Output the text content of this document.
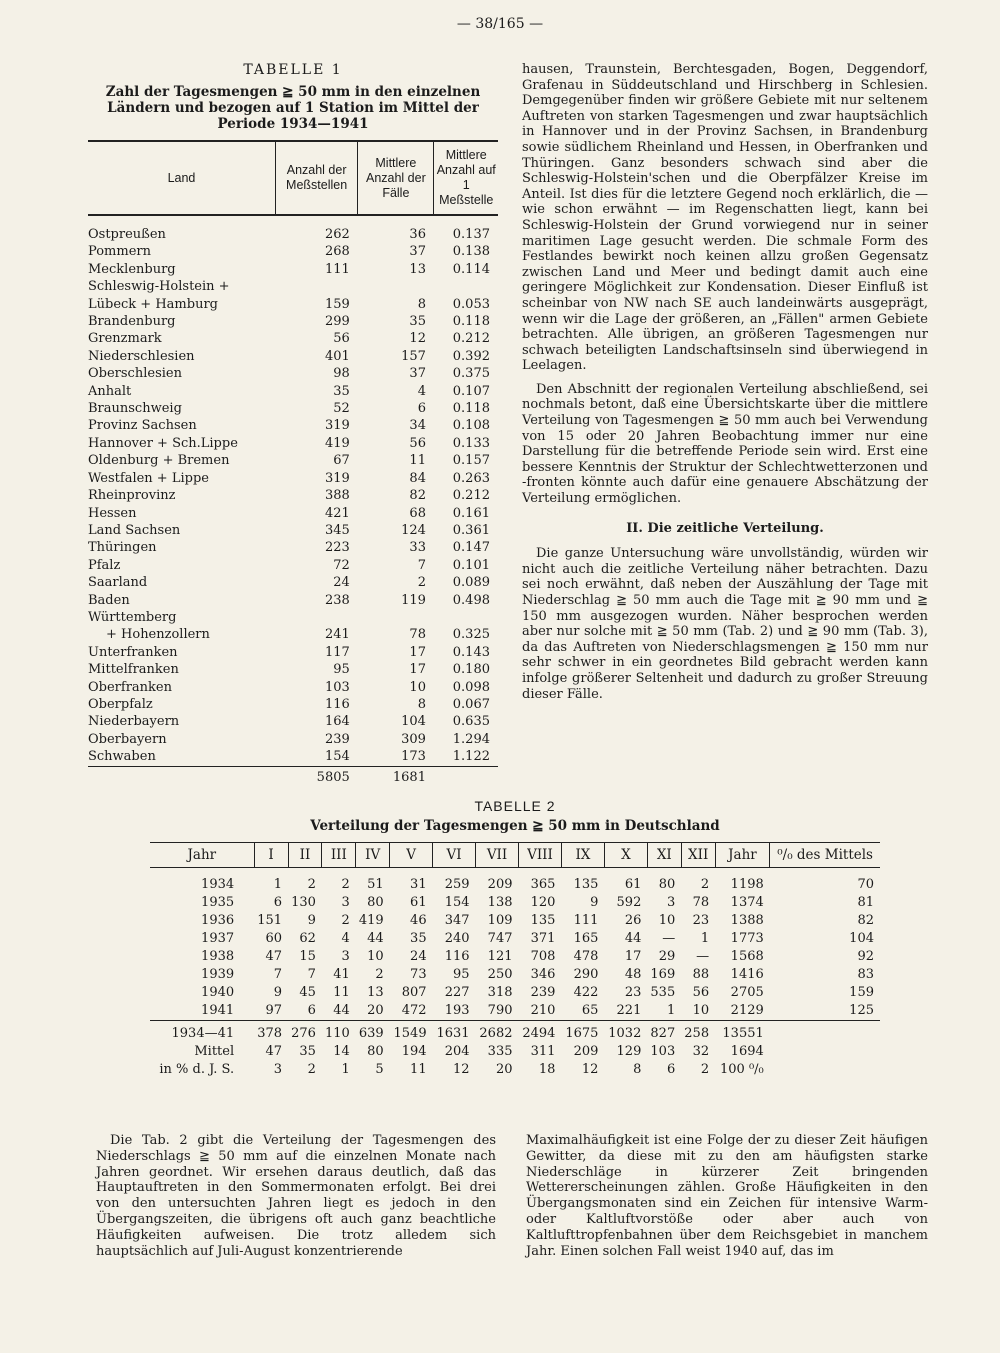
— 38/165 —
TABELLE 1
Zahl der Tagesmengen ≧ 50 mm in den einzelnen Ländern und bezogen auf 1 Station im Mittel der Periode 1934—1941
Land	Anzahl der Meßstellen	Mittlere Anzahl der Fälle	Mittlere Anzahl auf 1 Meßstelle
Ostpreußen	262	36	0.137
Pommern	268	37	0.138
Mecklenburg	111	13	0.114
Schleswig-Holstein +			
Lübeck + Hamburg	159	8	0.053
Brandenburg	299	35	0.118
Grenzmark	56	12	0.212
Niederschlesien	401	157	0.392
Oberschlesien	98	37	0.375
Anhalt	35	4	0.107
Braunschweig	52	6	0.118
Provinz Sachsen	319	34	0.108
Hannover + Sch.Lippe	419	56	0.133
Oldenburg + Bremen	67	11	0.157
Westfalen + Lippe	319	84	0.263
Rheinprovinz	388	82	0.212
Hessen	421	68	0.161
Land Sachsen	345	124	0.361
Thüringen	223	33	0.147
Pfalz	72	7	0.101
Saarland	24	2	0.089
Baden	238	119	0.498
Württemberg			
+ Hohenzollern	241	78	0.325
Unterfranken	117	17	0.143
Mittelfranken	95	17	0.180
Oberfranken	103	10	0.098
Oberpfalz	116	8	0.067
Niederbayern	164	104	0.635
Oberbayern	239	309	1.294
Schwaben	154	173	1.122
	5805	1681	

hausen, Traunstein, Berchtesgaden, Bogen, Deggendorf, Grafenau in Süddeutschland und Hirschberg in Schlesien. Demgegenüber finden wir größere Gebiete mit nur seltenem Auftreten von starken Tagesmengen und zwar hauptsächlich in Hannover und in der Provinz Sachsen, in Brandenburg sowie südlichem Rheinland und Hessen, in Oberfranken und Thüringen. Ganz besonders schwach sind aber die Schleswig-Holstein'schen und die Oberpfälzer Kreise im Anteil. Ist dies für die letztere Gegend noch erklärlich, die — wie schon erwähnt — im Regenschatten liegt, kann bei Schleswig-Holstein der Grund vorwiegend nur in seiner maritimen Lage gesucht werden. Die schmale Form des Festlandes bewirkt noch keinen allzu großen Gegensatz zwischen Land und Meer und bedingt damit auch eine geringere Möglichkeit zur Kondensation. Dieser Einfluß ist scheinbar von NW nach SE auch landeinwärts ausgeprägt, wenn wir die Lage der größeren, an „Fällen" armen Gebiete betrachten. Alle übrigen, an größeren Tagesmengen nur schwach beteiligten Landschaftsinseln sind überwiegend in Leelagen.

Den Abschnitt der regionalen Verteilung abschließend, sei nochmals betont, daß eine Übersichtskarte über die mittlere Verteilung von Tagesmengen ≧ 50 mm auch bei Verwendung von 15 oder 20 Jahren Beobachtung immer nur eine Darstellung für die betreffende Periode sein wird. Erst eine bessere Kenntnis der Struktur der Schlechtwetterzonen und -fronten könnte auch dafür eine genauere Abschätzung der Verteilung ermöglichen.

II. Die zeitliche Verteilung.

Die ganze Untersuchung wäre unvollständig, würden wir nicht auch die zeitliche Verteilung näher betrachten. Dazu sei noch erwähnt, daß neben der Auszählung der Tage mit Niederschlag ≧ 50 mm auch die Tage mit ≧ 90 mm und ≧ 150 mm ausgezogen wurden. Näher besprochen werden aber nur solche mit ≧ 50 mm (Tab. 2) und ≧ 90 mm (Tab. 3), da das Auftreten von Niederschlagsmengen ≧ 150 mm nur sehr schwer in ein geordnetes Bild gebracht werden kann infolge größerer Seltenheit und dadurch zu großer Streuung dieser Fälle.

TABELLE 2
Verteilung der Tagesmengen ≧ 50 mm in Deutschland
Jahr	I	II	III	IV	V	VI	VII	VIII	IX	X	XI	XII	Jahr	⁰/₀ des Mittels
1934	1	2	2	51	31	259	209	365	135	61	80	2	1198	70
1935	6	130	3	80	61	154	138	120	9	592	3	78	1374	81
1936	151	9	2	419	46	347	109	135	111	26	10	23	1388	82
1937	60	62	4	44	35	240	747	371	165	44	—	1	1773	104
1938	47	15	3	10	24	116	121	708	478	17	29	—	1568	92
1939	7	7	41	2	73	95	250	346	290	48	169	88	1416	83
1940	9	45	11	13	807	227	318	239	422	23	535	56	2705	159
1941	97	6	44	20	472	193	790	210	65	221	1	10	2129	125
1934—41	378	276	110	639	1549	1631	2682	2494	1675	1032	827	258	13551	
Mittel	47	35	14	80	194	204	335	311	209	129	103	32	1694	
in % d. J. S.	3	2	1	5	11	12	20	18	12	8	6	2	100 ⁰/₀	

Die Tab. 2 gibt die Verteilung der Tagesmengen des Niederschlags ≧ 50 mm auf die einzelnen Monate nach Jahren geordnet. Wir ersehen daraus deutlich, daß das Hauptauftreten in den Sommermonaten erfolgt. Bei drei von den untersuchten Jahren liegt es jedoch in den Übergangszeiten, die übrigens oft auch ganz beachtliche Häufigkeiten aufweisen. Die trotz alledem sich hauptsächlich auf Juli-August konzentrierende

Maximalhäufigkeit ist eine Folge der zu dieser Zeit häufigen Gewitter, da diese mit zu den am häufigsten starke Niederschläge in kürzerer Zeit bringenden Wettererscheinungen zählen. Große Häufigkeiten in den Übergangsmonaten sind ein Zeichen für intensive Warm- oder Kaltluftvorstöße oder aber auch von Kaltlufttropfenbahnen über dem Reichsgebiet in manchem Jahr. Einen solchen Fall weist 1940 auf, das im
